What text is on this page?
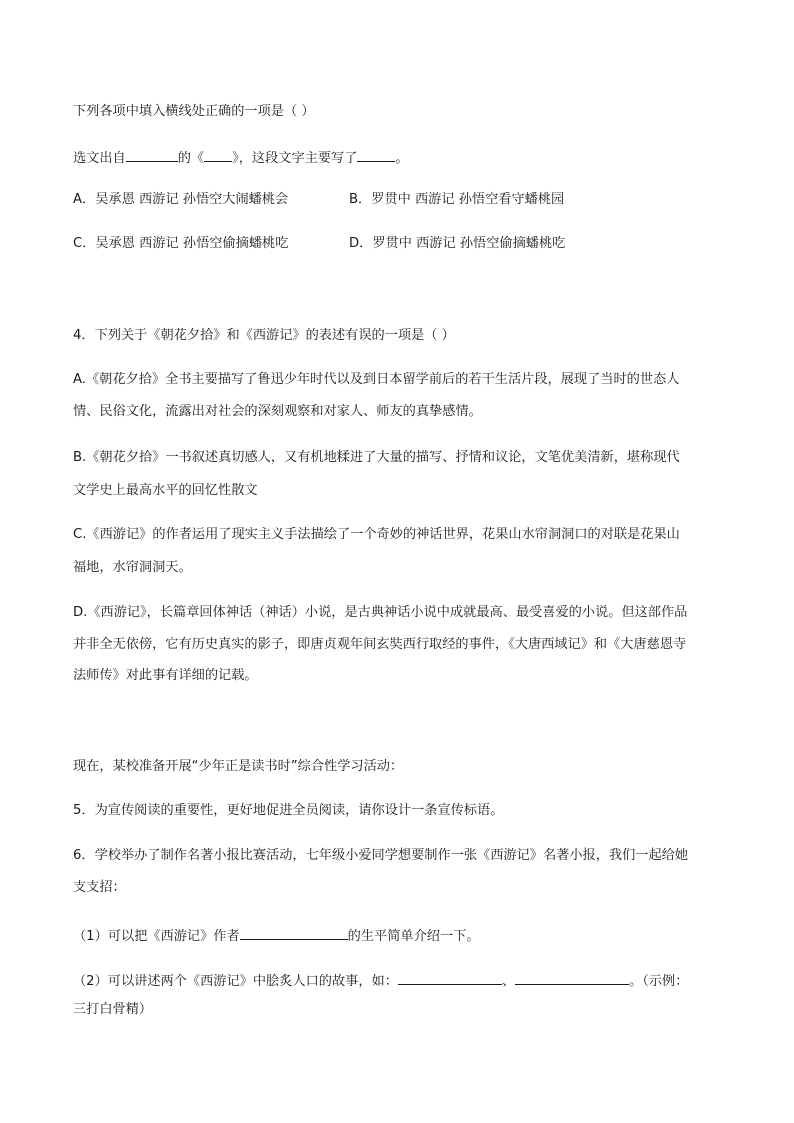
下列各项中填入横线处正确的一项是（ ）

选文出自	的《 》，这段文字主要写了	。

A．吴承恩 西游记 孙悟空大闹蟠桃会	B．罗贯中 西游记 孙悟空看守蟠桃园

C．吴承恩 西游记 孙悟空偷摘蟠桃吃	D．罗贯中 西游记 孙悟空偷摘蟠桃吃

4．下列关于《朝花夕拾》和《西游记》的表述有误的一项是（ ）

A.《朝花夕拾》全书主要描写了鲁迅少年时代以及到日本留学前后的若干生活片段，展现了当时的世态人

情、民俗文化，流露出对社会的深刻观察和对家人、师友的真挚感情。

B.《朝花夕拾》一书叙述真切感人，又有机地糅进了大量的描写、抒情和议论，文笔优美清新，堪称现代

文学史上最高水平的回忆性散文

C.《西游记》的作者运用了现实主义手法描绘了一个奇妙的神话世界，花果山水帘洞洞口的对联是花果山

福地，水帘洞洞天。

D.《西游记》，长篇章回体神话（神话）小说，是古典神话小说中成就最高、最受喜爱的小说。但这部作品

并非全无依傍，它有历史真实的影子，即唐贞观年间玄奘西行取经的事件，《大唐西域记》和《大唐慈恩寺

法师传》对此事有详细的记载。

现在，某校准备开展“少年正是读书时”综合性学习活动：

5．为宣传阅读的重要性，更好地促进全员阅读，请你设计一条宣传标语。

6．学校举办了制作名著小报比赛活动，七年级小爱同学想要制作一张《西游记》名著小报，我们一起给她

支支招：

（1）可以把《西游记》作者	的生平简单介绍一下。

（2）可以讲述两个《西游记》中脍炙人口的故事，如：	、	。（示例：

三打白骨精）
